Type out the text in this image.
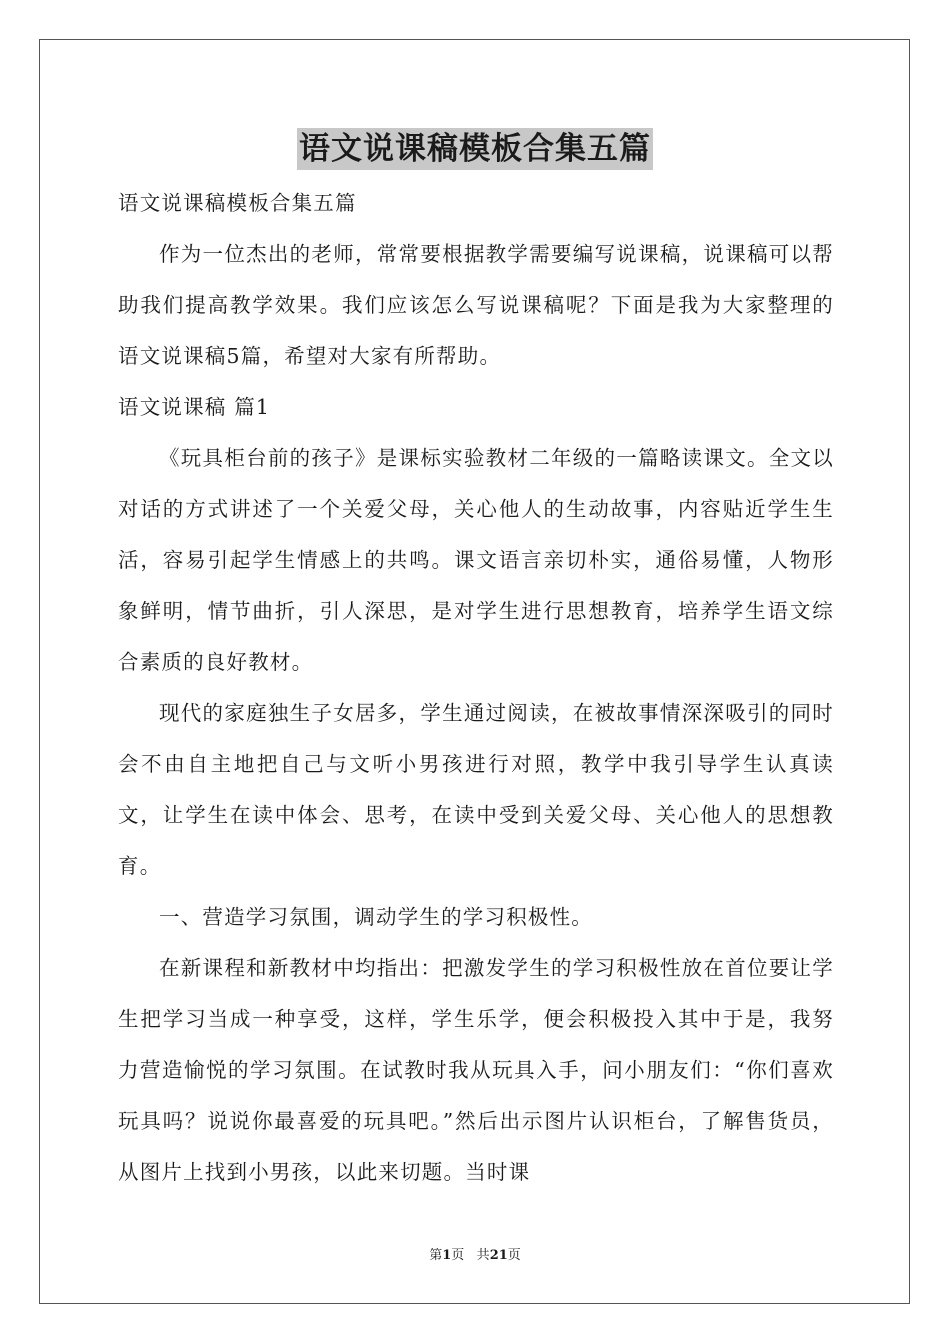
语文说课稿模板合集五篇

语文说课稿模板合集五篇

作为一位杰出的老师，常常要根据教学需要编写说课稿，说课稿可以帮助我们提高教学效果。我们应该怎么写说课稿呢？下面是我为大家整理的语文说课稿5篇，希望对大家有所帮助。

语文说课稿 篇1

《玩具柜台前的孩子》是课标实验教材二年级的一篇略读课文。全文以对话的方式讲述了一个关爱父母，关心他人的生动故事，内容贴近学生生活，容易引起学生情感上的共鸣。课文语言亲切朴实，通俗易懂，人物形象鲜明，情节曲折，引人深思，是对学生进行思想教育，培养学生语文综合素质的良好教材。

现代的家庭独生子女居多，学生通过阅读，在被故事情深深吸引的同时会不由自主地把自己与文听小男孩进行对照，教学中我引导学生认真读文，让学生在读中体会、思考，在读中受到关爱父母、关心他人的思想教育。

一、营造学习氛围，调动学生的学习积极性。

在新课程和新教材中均指出：把激发学生的学习积极性放在首位要让学生把学习当成一种享受，这样，学生乐学，便会积极投入其中于是，我努力营造愉悦的学习氛围。在试教时我从玩具入手，问小朋友们：“你们喜欢玩具吗？说说你最喜爱的玩具吧。”然后出示图片认识柜台，了解售货员，从图片上找到小男孩，以此来切题。当时课

第1页 共21页
